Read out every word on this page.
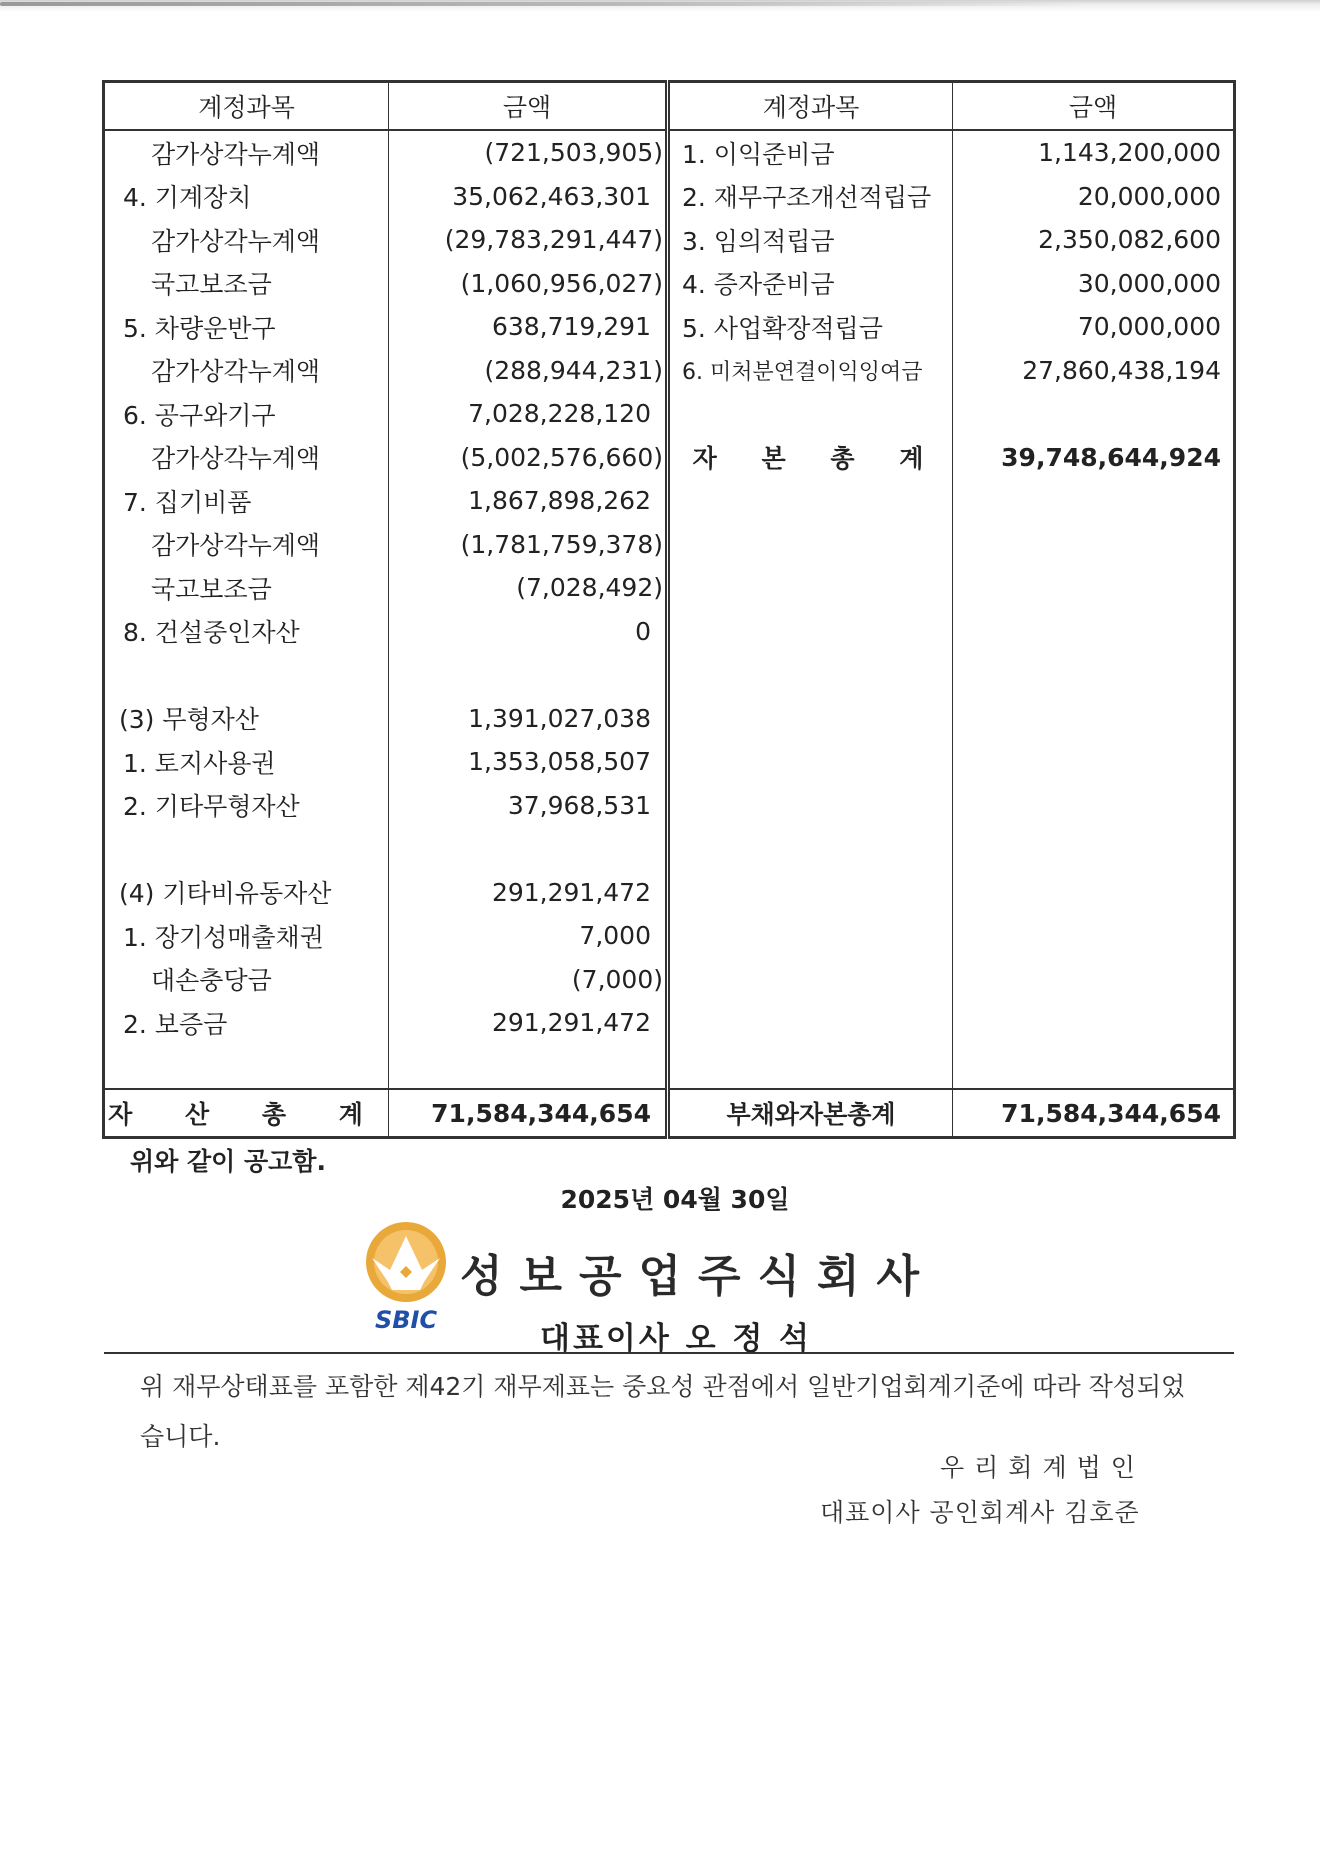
계정과목	금액	계정과목	금액
감가상각누계액	(721,503,905)	1. 이익준비금	1,143,200,000
4. 기계장치	35,062,463,301	2. 재무구조개선적립금	20,000,000
감가상각누계액	(29,783,291,447)	3. 임의적립금	2,350,082,600
국고보조금	(1,060,956,027)	4. 증자준비금	30,000,000
5. 차량운반구	638,719,291	5. 사업확장적립금	70,000,000
감가상각누계액	(288,944,231)	6. 미처분연결이익잉여금	27,860,438,194
6. 공구와기구	7,028,228,120		
감가상각누계액	(5,002,576,660)	자 본 총 계	39,748,644,924
7. 집기비품	1,867,898,262		
감가상각누계액	(1,781,759,378)		
국고보조금	(7,028,492)		
8. 건설중인자산	0		

(3) 무형자산	1,391,027,038		
1. 토지사용권	1,353,058,507		
2. 기타무형자산	37,968,531		

(4) 기타비유동자산	291,291,472		
1. 장기성매출채권	7,000		
대손충당금	(7,000)		
2. 보증금	291,291,472		

자 산 총 계	71,584,344,654	부채와자본총계	71,584,344,654
위와 같이 공고함.
2025년 04월 30일
SBIC
성보공업주식회사
대표이사 오 정 석
위 재무상태표를 포함한 제42기 재무제표는 중요성 관점에서 일반기업회계기준에 따라 작성되었습니다.
우리회계법인
대표이사 공인회계사 김호준
